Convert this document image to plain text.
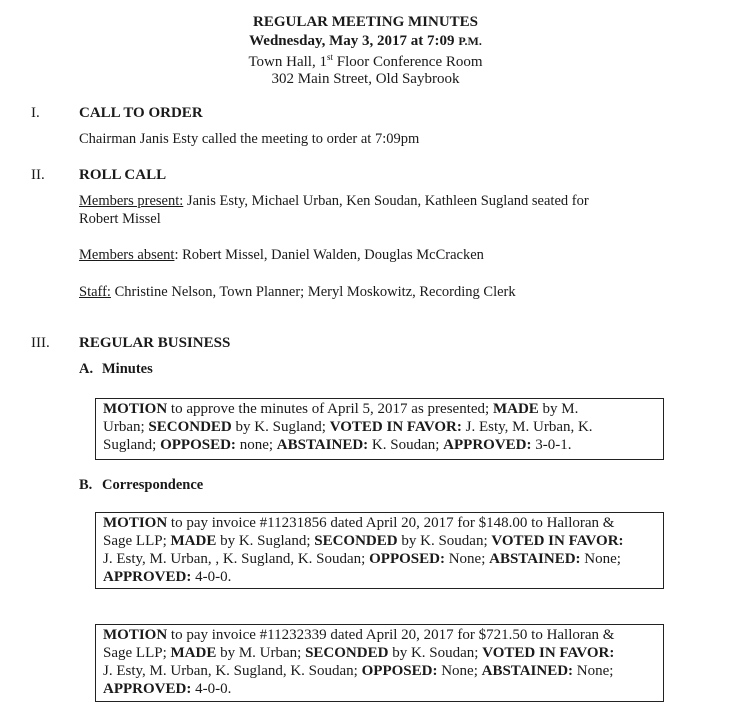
REGULAR MEETING MINUTES
Wednesday, May 3, 2017 at 7:09 P.M.
Town Hall, 1st Floor Conference Room
302 Main Street, Old Saybrook
I.	CALL TO ORDER
Chairman Janis Esty called the meeting to order at 7:09pm
II. ROLL CALL
Members present: Janis Esty, Michael Urban, Ken Soudan, Kathleen Sugland seated for
Robert Missel
Members absent: Robert Missel, Daniel Walden, Douglas McCracken
Staff: Christine Nelson, Town Planner; Meryl Moskowitz, Recording Clerk
III. REGULAR BUSINESS
A. Minutes
MOTION to approve the minutes of April 5, 2017 as presented; MADE by M.
Urban; SECONDED by K. Sugland; VOTED IN FAVOR: J. Esty, M. Urban, K.
Sugland; OPPOSED: none; ABSTAINED: K. Soudan; APPROVED: 3-0-1.
B. Correspondence
MOTION to pay invoice #11231856 dated April 20, 2017 for $148.00 to Halloran &
Sage LLP; MADE by K. Sugland; SECONDED by K. Soudan; VOTED IN FAVOR:
J. Esty, M. Urban, , K. Sugland, K. Soudan; OPPOSED: None; ABSTAINED: None;
APPROVED: 4-0-0.
MOTION to pay invoice #11232339 dated April 20, 2017 for $721.50 to Halloran &
Sage LLP; MADE by M. Urban; SECONDED by K. Soudan; VOTED IN FAVOR:
J. Esty, M. Urban, K. Sugland, K. Soudan; OPPOSED: None; ABSTAINED: None;
APPROVED: 4-0-0.
